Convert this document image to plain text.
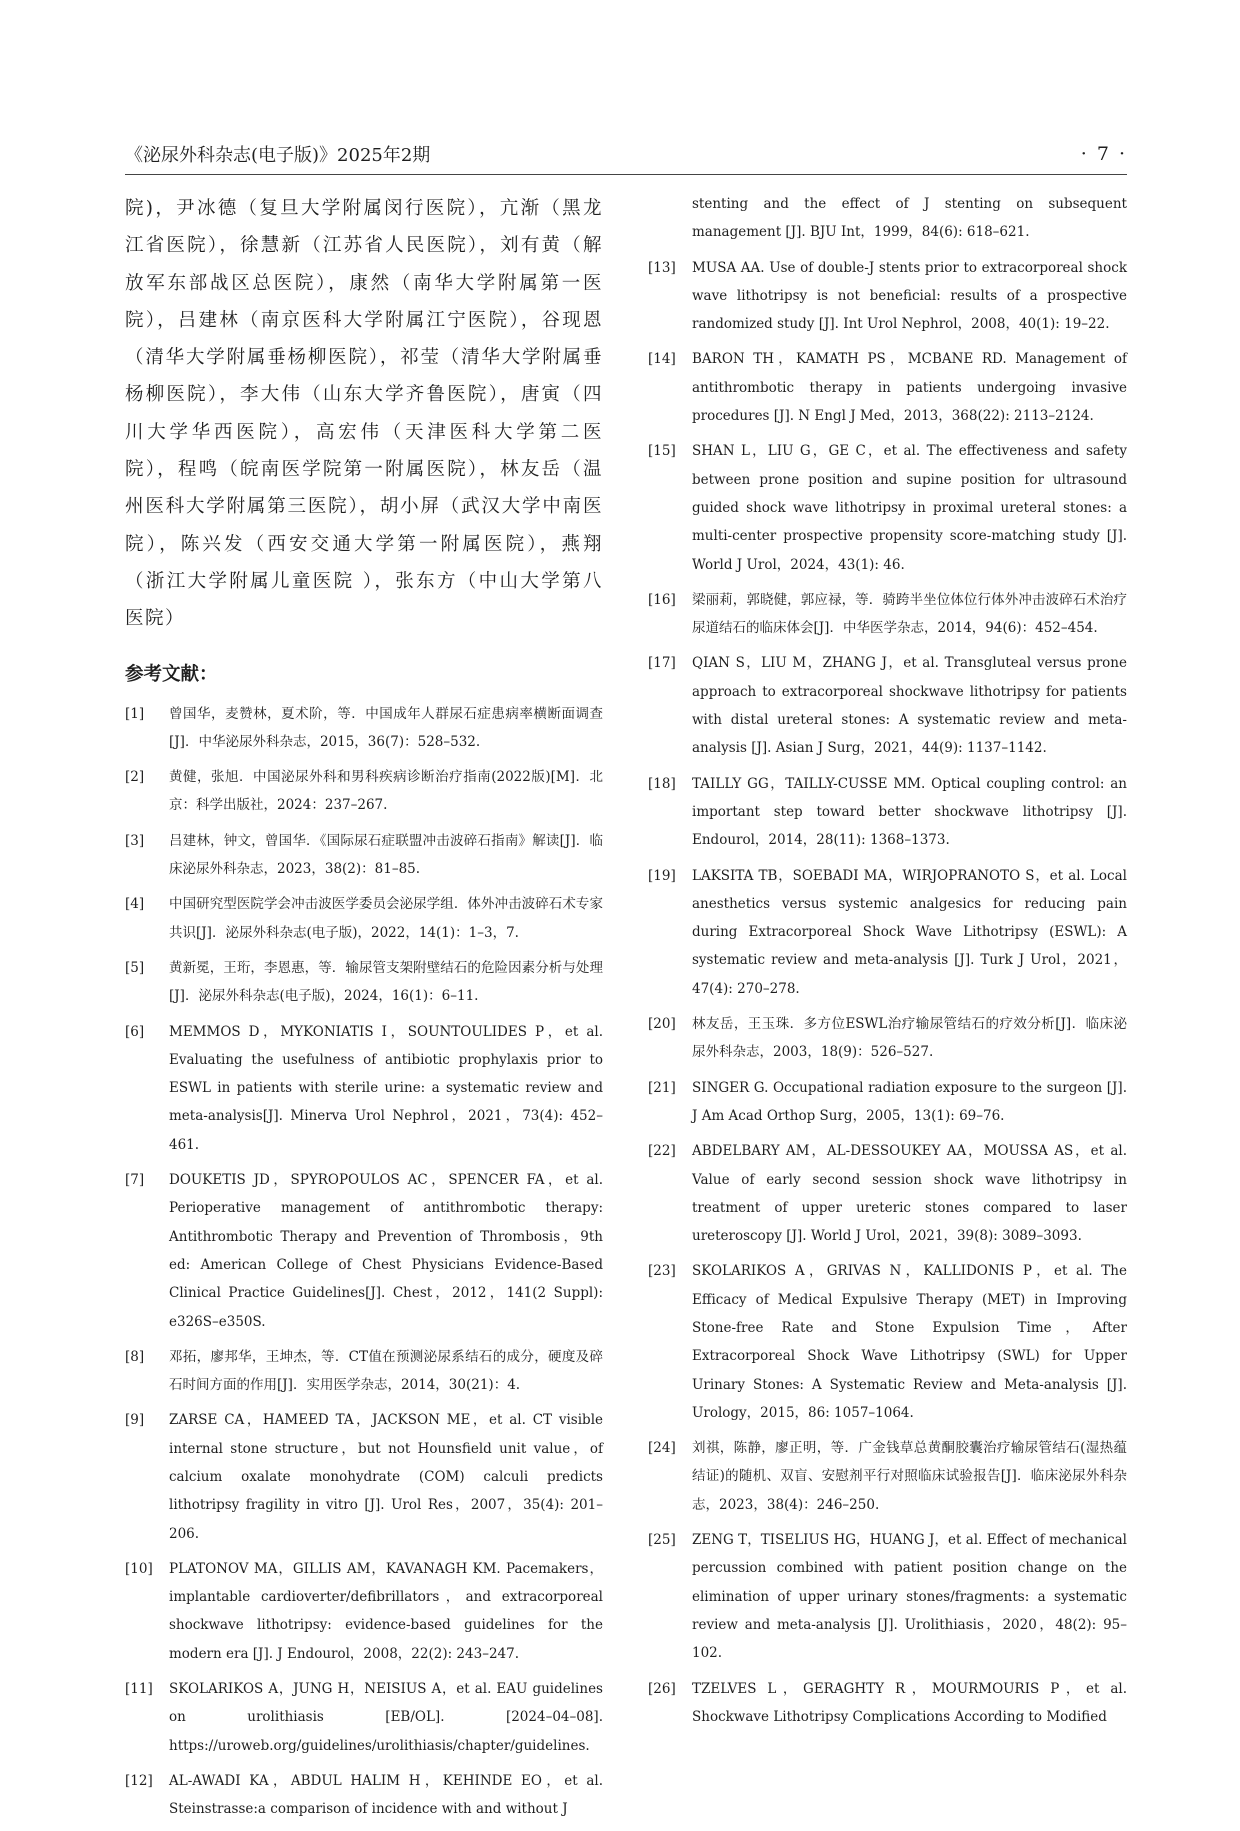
《泌尿外科杂志(电子版)》2025年2期	· 7 ·

院)，尹冰德（复旦大学附属闵行医院），亢渐（黑龙江省医院），徐慧新（江苏省人民医院），刘有黄（解放军东部战区总医院），康然（南华大学附属第一医院），吕建林（南京医科大学附属江宁医院），谷现恩（清华大学附属垂杨柳医院），祁莹（清华大学附属垂杨柳医院），李大伟（山东大学齐鲁医院），唐寅（四川大学华西医院），高宏伟（天津医科大学第二医院），程鸣（皖南医学院第一附属医院），林友岳（温州医科大学附属第三医院），胡小屏（武汉大学中南医院），陈兴发（西安交通大学第一附属医院），燕翔（浙江大学附属儿童医院 ），张东方（中山大学第八医院）

参考文献：
[1]	曾国华，麦赞林，夏术阶，等．中国成年人群尿石症患病率横断面调查[J]．中华泌尿外科杂志，2015，36(7)：528–532.
[2]	黄健，张旭．中国泌尿外科和男科疾病诊断治疗指南(2022版)[M]．北京：科学出版社，2024：237–267.
[3]	吕建林，钟文，曾国华．《国际尿石症联盟冲击波碎石指南》解读[J]．临床泌尿外科杂志，2023，38(2)：81–85.
[4]	中国研究型医院学会冲击波医学委员会泌尿学组．体外冲击波碎石术专家共识[J]．泌尿外科杂志(电子版)，2022，14(1)：1–3，7.
[5]	黄新冕，王珩，李恩惠，等．输尿管支架附壁结石的危险因素分析与处理[J]．泌尿外科杂志(电子版)，2024，16(1)：6–11.
[6]	MEMMOS D，MYKONIATIS I，SOUNTOULIDES P，et al. Evaluating the usefulness of antibiotic prophylaxis prior to ESWL in patients with sterile urine: a systematic review and meta-analysis[J]. Minerva Urol Nephrol，2021，73(4): 452–461.
[7]	DOUKETIS JD，SPYROPOULOS AC，SPENCER FA，et al. Perioperative management of antithrombotic therapy: Antithrombotic Therapy and Prevention of Thrombosis，9th ed: American College of Chest Physicians Evidence-Based Clinical Practice Guidelines[J]. Chest，2012，141(2 Suppl): e326S–e350S.
[8]	邓拓，廖邦华，王坤杰，等．CT值在预测泌尿系结石的成分，硬度及碎石时间方面的作用[J]．实用医学杂志，2014，30(21)：4.
[9]	ZARSE CA，HAMEED TA，JACKSON ME，et al. CT visible internal stone structure，but not Hounsfield unit value，of calcium oxalate monohydrate (COM) calculi predicts lithotripsy fragility in vitro [J]. Urol Res，2007，35(4): 201–206.
[10]	PLATONOV MA，GILLIS AM，KAVANAGH KM. Pacemakers，implantable cardioverter/defibrillators，and extracorporeal shockwave lithotripsy: evidence-based guidelines for the modern era [J]. J Endourol，2008，22(2): 243–247.
[11]	SKOLARIKOS A，JUNG H，NEISIUS A，et al. EAU guidelines on urolithiasis [EB/OL]. [2024–04–08]. https://uroweb.org/guidelines/urolithiasis/chapter/guidelines.
[12]	AL-AWADI KA，ABDUL HALIM H，KEHINDE EO，et al. Steinstrasse:a comparison of incidence with and without J
stenting and the effect of J stenting on subsequent management [J]. BJU Int，1999，84(6): 618–621.
[13]	MUSA AA. Use of double-J stents prior to extracorporeal shock wave lithotripsy is not beneficial: results of a prospective randomized study [J]. Int Urol Nephrol，2008，40(1): 19–22.
[14]	BARON TH，KAMATH PS，MCBANE RD. Management of antithrombotic therapy in patients undergoing invasive procedures [J]. N Engl J Med，2013，368(22): 2113–2124.
[15]	SHAN L，LIU G，GE C，et al. The effectiveness and safety between prone position and supine position for ultrasound guided shock wave lithotripsy in proximal ureteral stones: a multi-center prospective propensity score-matching study [J]. World J Urol，2024，43(1): 46.
[16]	梁丽莉，郭晓健，郭应禄，等．骑跨半坐位体位行体外冲击波碎石术治疗尿道结石的临床体会[J]．中华医学杂志，2014，94(6)：452–454.
[17]	QIAN S，LIU M，ZHANG J，et al. Transgluteal versus prone approach to extracorporeal shockwave lithotripsy for patients with distal ureteral stones: A systematic review and meta-analysis [J]. Asian J Surg，2021，44(9): 1137–1142.
[18]	TAILLY GG，TAILLY-CUSSE MM. Optical coupling control: an important step toward better shockwave lithotripsy [J]. Endourol，2014，28(11): 1368–1373.
[19]	LAKSITA TB，SOEBADI MA，WIRJOPRANOTO S，et al. Local anesthetics versus systemic analgesics for reducing pain during Extracorporeal Shock Wave Lithotripsy (ESWL): A systematic review and meta-analysis [J]. Turk J Urol，2021，47(4): 270–278.
[20]	林友岳，王玉珠．多方位ESWL治疗输尿管结石的疗效分析[J]．临床泌尿外科杂志，2003，18(9)：526–527.
[21]	SINGER G. Occupational radiation exposure to the surgeon [J]. J Am Acad Orthop Surg，2005，13(1): 69–76.
[22]	ABDELBARY AM，AL-DESSOUKEY AA，MOUSSA AS，et al. Value of early second session shock wave lithotripsy in treatment of upper ureteric stones compared to laser ureteroscopy [J]. World J Urol，2021，39(8): 3089–3093.
[23]	SKOLARIKOS A，GRIVAS N，KALLIDONIS P，et al. The Efficacy of Medical Expulsive Therapy (MET) in Improving Stone-free Rate and Stone Expulsion Time，After Extracorporeal Shock Wave Lithotripsy (SWL) for Upper Urinary Stones: A Systematic Review and Meta-analysis [J]. Urology，2015，86: 1057–1064.
[24]	刘祺，陈静，廖正明，等．广金钱草总黄酮胶囊治疗输尿管结石(湿热蕴结证)的随机、双盲、安慰剂平行对照临床试验报告[J]．临床泌尿外科杂志，2023，38(4)：246–250.
[25]	ZENG T，TISELIUS HG，HUANG J，et al. Effect of mechanical percussion combined with patient position change on the elimination of upper urinary stones/fragments: a systematic review and meta-analysis [J]. Urolithiasis，2020，48(2): 95–102.
[26]	TZELVES L，GERAGHTY R，MOURMOURIS P，et al. Shockwave Lithotripsy Complications According to Modified
